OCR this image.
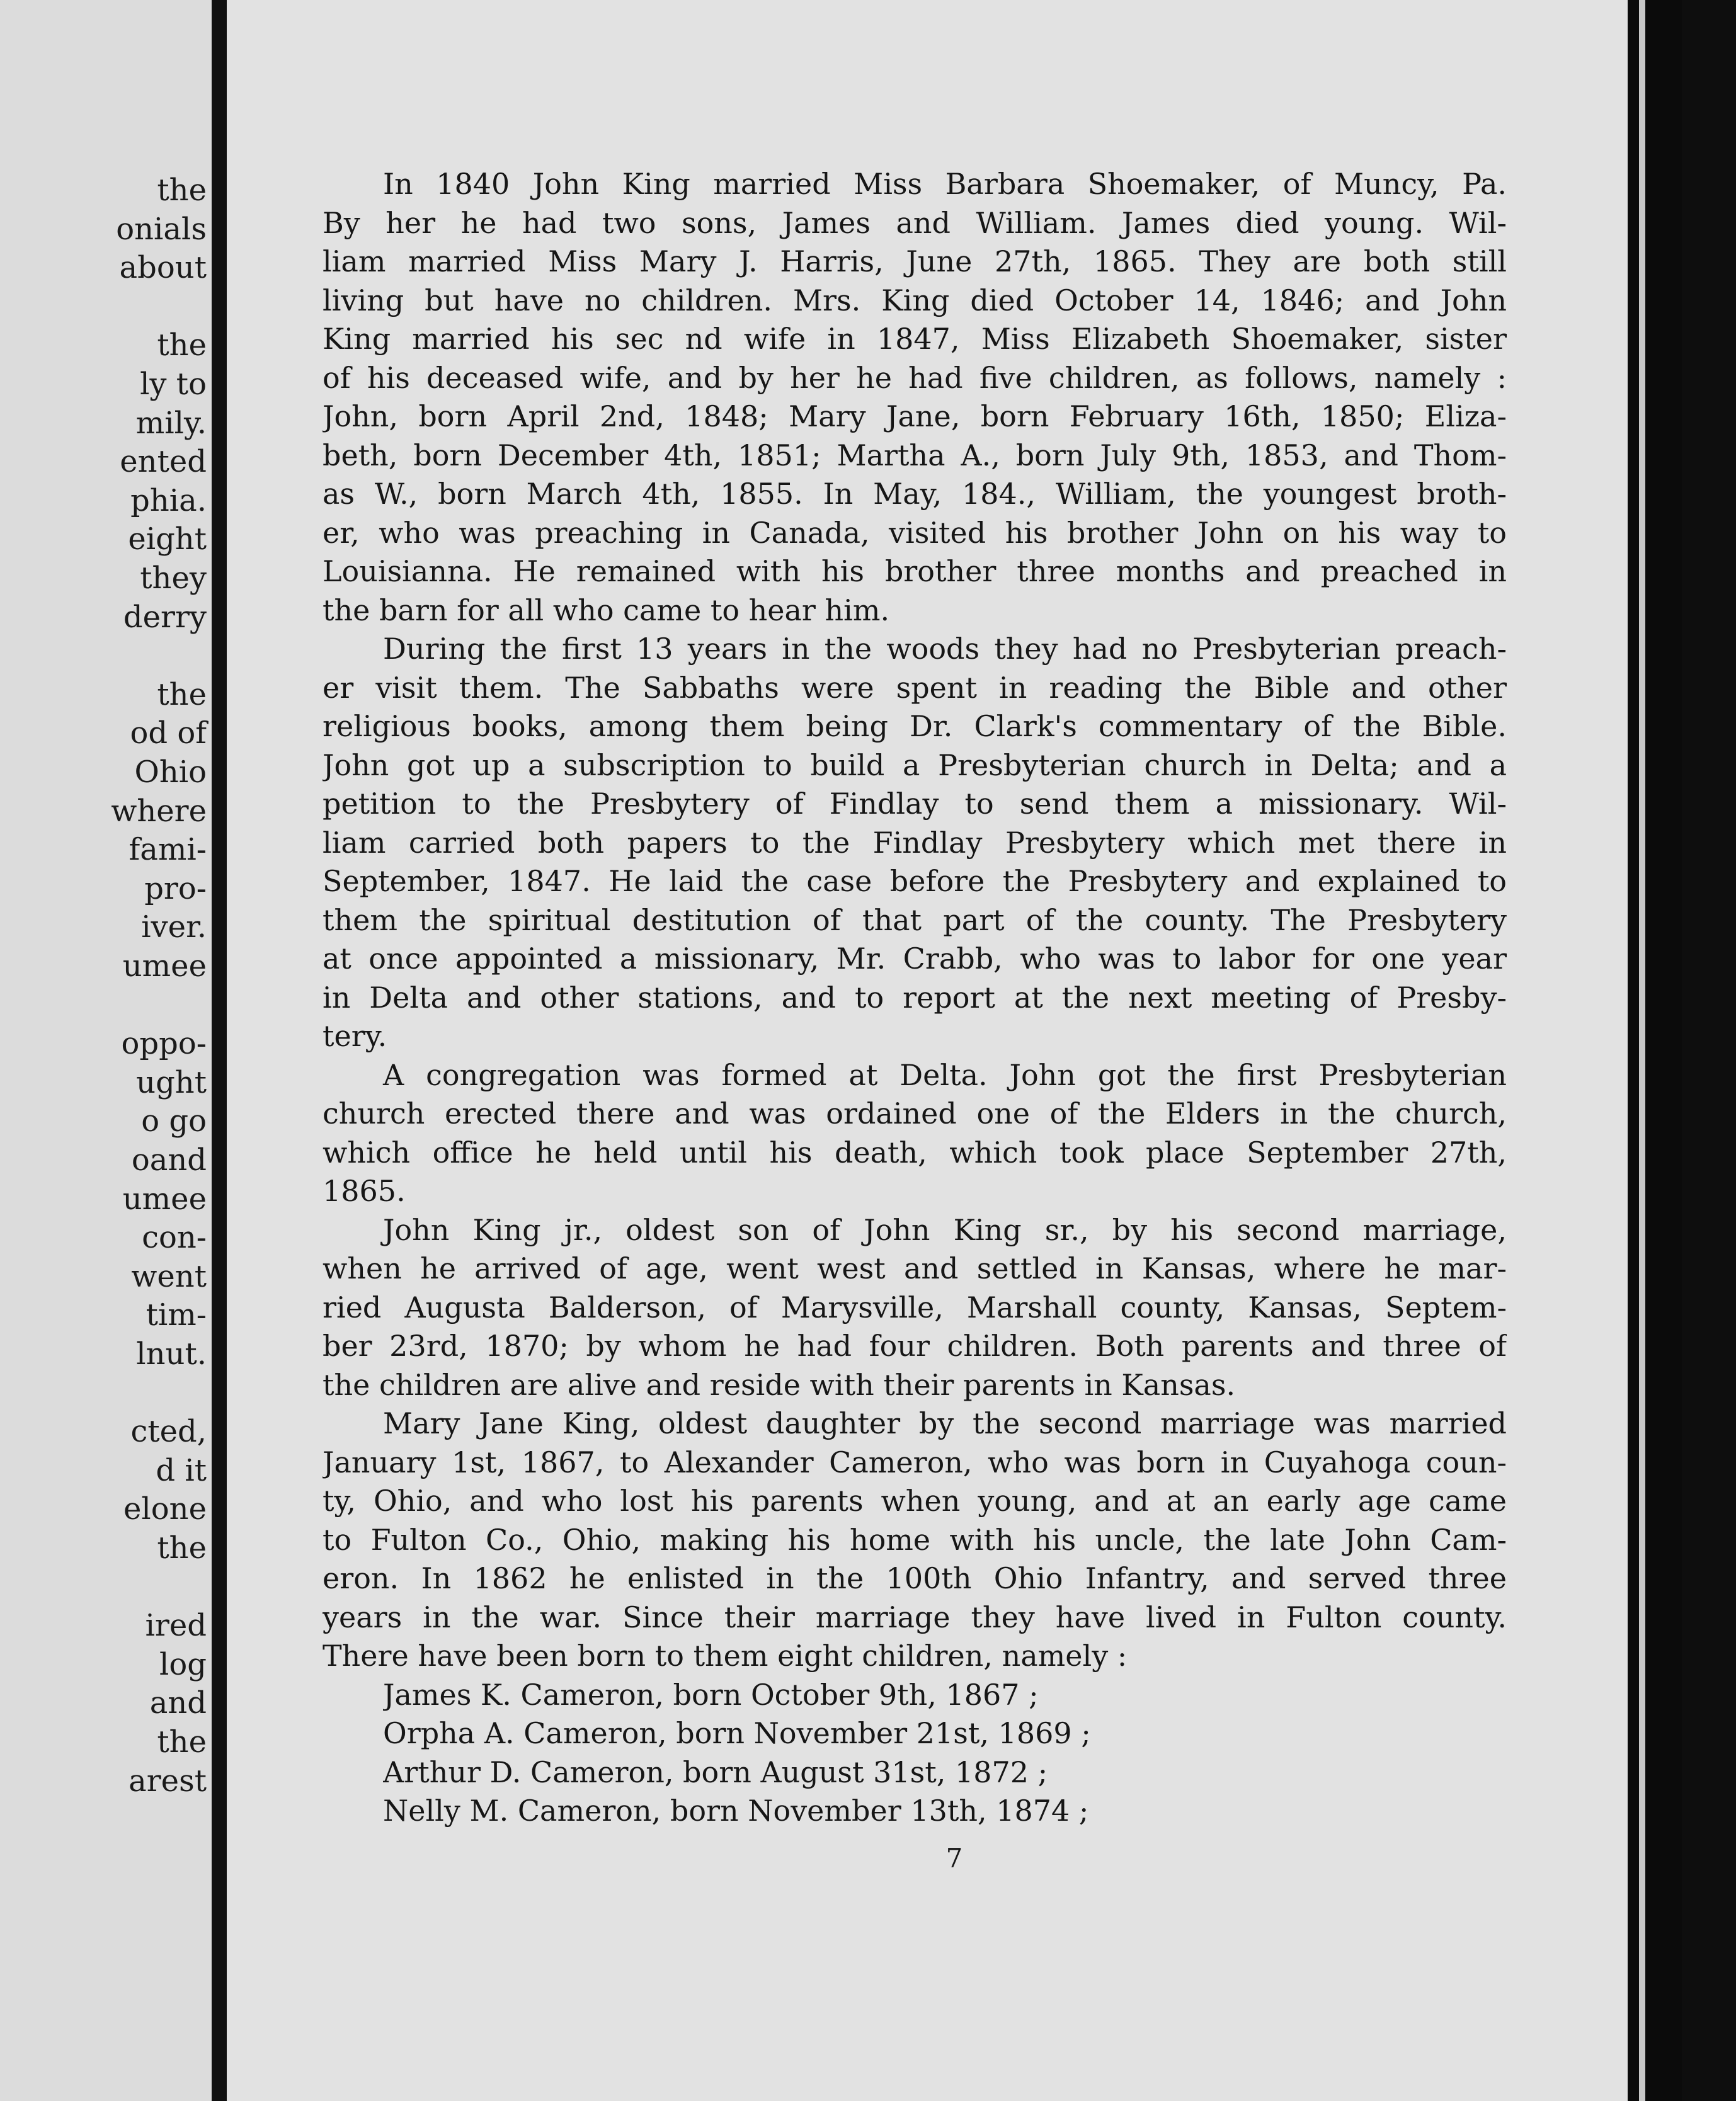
the
onials
about
the
ly to
mily.
ented
phia.
eight
they
derry
the
od of
Ohio
where
fami-
pro-
iver.
umee
oppo-
ught
o go
oand
umee
con-
went
tim-
lnut.
cted,
d it
elone
the
ired
log
and
the
arest
In 1840 John King married Miss Barbara Shoemaker, of Muncy, Pa.
By her he had two sons, James and William. James died young. Wil-
liam married Miss Mary J. Harris, June 27th, 1865. They are both still
living but have no children. Mrs. King died October 14, 1846; and John
King married his sec nd wife in 1847, Miss Elizabeth Shoemaker, sister
of his deceased wife, and by her he had five children, as follows, namely :
John, born April 2nd, 1848; Mary Jane, born February 16th, 1850; Eliza-
beth, born December 4th, 1851; Martha A., born July 9th, 1853, and Thom-
as W., born March 4th, 1855. In May, 184., William, the youngest broth-
er, who was preaching in Canada, visited his brother John on his way to
Louisianna. He remained with his brother three months and preached in
the barn for all who came to hear him.
During the first 13 years in the woods they had no Presbyterian preach-
er visit them. The Sabbaths were spent in reading the Bible and other
religious books, among them being Dr. Clark's commentary of the Bible.
John got up a subscription to build a Presbyterian church in Delta; and a
petition to the Presbytery of Findlay to send them a missionary. Wil-
liam carried both papers to the Findlay Presbytery which met there in
September, 1847. He laid the case before the Presbytery and explained to
them the spiritual destitution of that part of the county. The Presbytery
at once appointed a missionary, Mr. Crabb, who was to labor for one year
in Delta and other stations, and to report at the next meeting of Presby-
tery.
A congregation was formed at Delta. John got the first Presbyterian
church erected there and was ordained one of the Elders in the church,
which office he held until his death, which took place September 27th,
1865.
John King jr., oldest son of John King sr., by his second marriage,
when he arrived of age, went west and settled in Kansas, where he mar-
ried Augusta Balderson, of Marysville, Marshall county, Kansas, Septem-
ber 23rd, 1870; by whom he had four children. Both parents and three of
the children are alive and reside with their parents in Kansas.
Mary Jane King, oldest daughter by the second marriage was married
January 1st, 1867, to Alexander Cameron, who was born in Cuyahoga coun-
ty, Ohio, and who lost his parents when young, and at an early age came
to Fulton Co., Ohio, making his home with his uncle, the late John Cam-
eron. In 1862 he enlisted in the 100th Ohio Infantry, and served three
years in the war. Since their marriage they have lived in Fulton county.
There have been born to them eight children, namely :
James K. Cameron, born October 9th, 1867 ;
Orpha A. Cameron, born November 21st, 1869 ;
Arthur D. Cameron, born August 31st, 1872 ;
Nelly M. Cameron, born November 13th, 1874 ;
7
